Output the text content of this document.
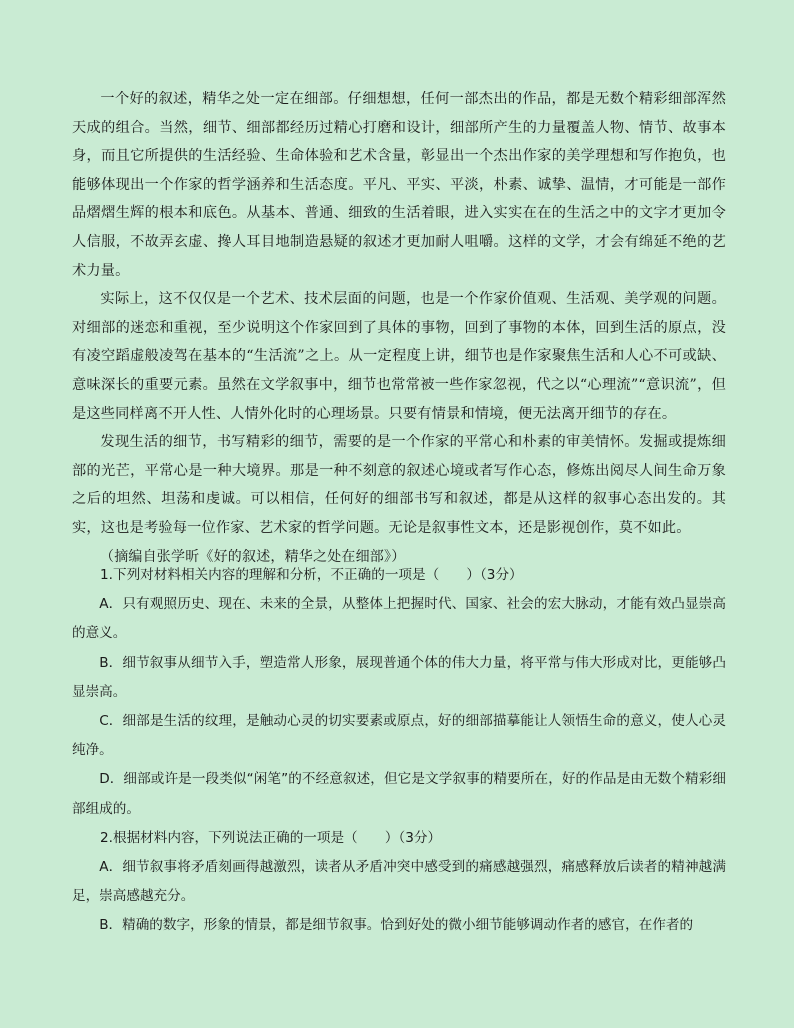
一个好的叙述，精华之处一定在细部。仔细想想，任何一部杰出的作品，都是无数个精彩细部浑然天成的组合。当然，细节、细部都经历过精心打磨和设计，细部所产生的力量覆盖人物、情节、故事本身，而且它所提供的生活经验、生命体验和艺术含量，彰显出一个杰出作家的美学理想和写作抱负，也能够体现出一个作家的哲学涵养和生活态度。平凡、平实、平淡，朴素、诚挚、温情，才可能是一部作品熠熠生辉的根本和底色。从基本、普通、细致的生活着眼，进入实实在在的生活之中的文字才更加令人信服，不故弄玄虚、搀人耳目地制造悬疑的叙述才更加耐人咀嚼。这样的文学，才会有绵延不绝的艺术力量。

实际上，这不仅仅是一个艺术、技术层面的问题，也是一个作家价值观、生活观、美学观的问题。对细部的迷恋和重视，至少说明这个作家回到了具体的事物，回到了事物的本体，回到生活的原点，没有凌空蹈虚般凌驾在基本的“生活流”之上。从一定程度上讲，细节也是作家聚焦生活和人心不可或缺、意味深长的重要元素。虽然在文学叙事中，细节也常常被一些作家忽视，代之以“心理流”“意识流”，但是这些同样离不开人性、人情外化时的心理场景。只要有情景和情境，便无法离开细节的存在。

发现生活的细节，书写精彩的细节，需要的是一个作家的平常心和朴素的审美情怀。发掘或提炼细部的光芒，平常心是一种大境界。那是一种不刻意的叙述心境或者写作心态，修炼出阅尽人间生命万象之后的坦然、坦荡和虔诚。可以相信，任何好的细部书写和叙述，都是从这样的叙事心态出发的。其实，这也是考验每一位作家、艺术家的哲学问题。无论是叙事性文本，还是影视创作，莫不如此。

（摘编自张学昕《好的叙述，精华之处在细部》）

1.下列对材料相关内容的理解和分析，不正确的一项是（　　）（3分）

A．只有观照历史、现在、未来的全景，从整体上把握时代、国家、社会的宏大脉动，才能有效凸显崇高的意义。

B．细节叙事从细节入手，塑造常人形象，展现普通个体的伟大力量，将平常与伟大形成对比，更能够凸显崇高。

C．细部是生活的纹理，是触动心灵的切实要素或原点，好的细部描摹能让人领悟生命的意义，使人心灵纯净。

D．细部或许是一段类似“闲笔”的不经意叙述，但它是文学叙事的精要所在，好的作品是由无数个精彩细部组成的。

2.根据材料内容，下列说法正确的一项是（　　）（3分）

A．细节叙事将矛盾刻画得越激烈，读者从矛盾冲突中感受到的痛感越强烈，痛感释放后读者的精神越满足，崇高感越充分。

B．精确的数字，形象的情景，都是细节叙事。恰到好处的微小细节能够调动作者的感官，在作者的
